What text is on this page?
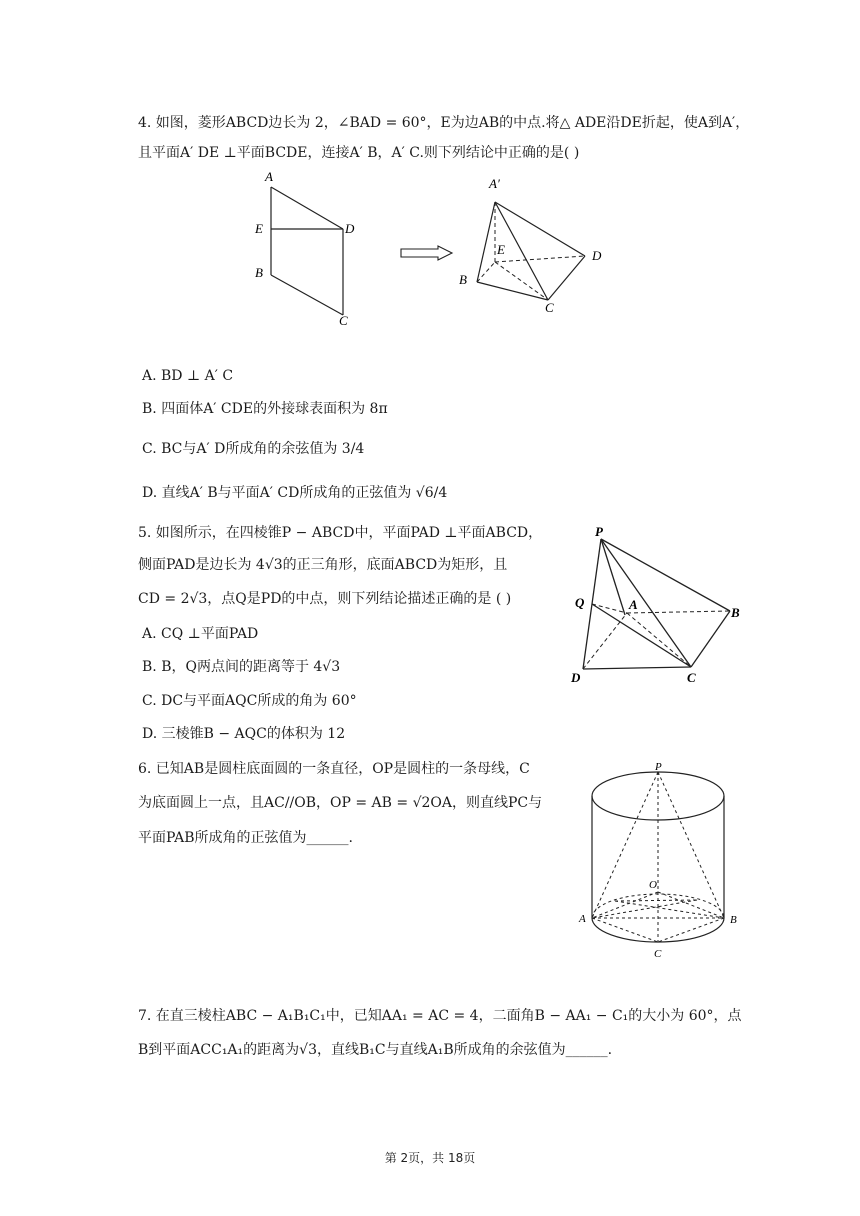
4. 如图，菱形ABCD边长为 2，∠BAD = 60°，E为边AB的中点.将△ ADE沿DE折起，使A到A′，
且平面A′ DE ⊥平面BCDE，连接A′ B，A′ C.则下列结论中正确的是( )
A
E	D
B
C
A′
E	D
B
C
A. BD ⊥ A′ C
B. 四面体A′ CDE的外接球表面积为 8π
C. BC与A′ D所成角的余弦值为 3/4
D. 直线A′ B与平面A′ CD所成角的正弦值为 √6/4
5. 如图所示，在四棱锥P − ABCD中，平面PAD ⊥平面ABCD，
侧面PAD是边长为 4√3的正三角形，底面ABCD为矩形，且
CD = 2√3，点Q是PD的中点，则下列结论描述正确的是 ( )
A. CQ ⊥平面PAD
B. B，Q两点间的距离等于 4√3
C. DC与平面AQC所成的角为 60°
D. 三棱锥B − AQC的体积为 12
P
Q	A
B
D	C
6. 已知AB是圆柱底面圆的一条直径，OP是圆柱的一条母线，C
为底面圆上一点，且AC//OB，OP = AB = √2OA，则直线PC与
平面PAB所成角的正弦值为______.
P
O
A	B
C
7. 在直三棱柱ABC − A₁B₁C₁中，已知AA₁ = AC = 4，二面角B − AA₁ − C₁的大小为 60°，点
B到平面ACC₁A₁的距离为√3，直线B₁C与直线A₁B所成角的余弦值为______.
第 2页，共 18页
